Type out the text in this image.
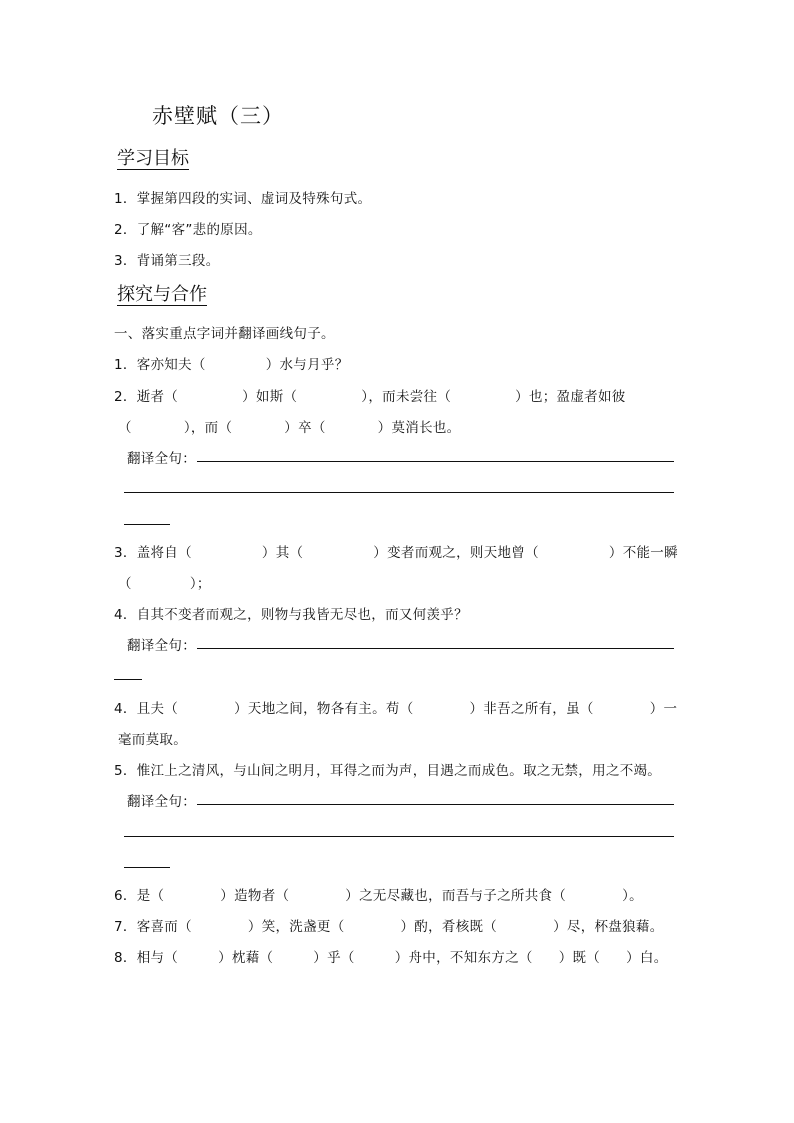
赤壁赋（三）
学习目标
1．掌握第四段的实词、虚词及特殊句式。
2．了解“客”悲的原因。
3．背诵第三段。
探究与合作
一、落实重点字词并翻译画线句子。
1．客亦知夫（	）水与月乎？
2．逝者（	）如斯（	），而未尝往（	）也；盈虚者如彼
（	），而（	）卒（	）莫消长也。
翻译全句：
3．盖将自（	）其（	）变者而观之，则天地曾（	）不能一瞬
（	）；
4．自其不变者而观之，则物与我皆无尽也，而又何羡乎？
翻译全句：
4．且夫（	）天地之间，物各有主。苟（	）非吾之所有，虽（	）一
毫而莫取。
5．惟江上之清风，与山间之明月，耳得之而为声，目遇之而成色。取之无禁，用之不竭。
翻译全句：
6．是（	）造物者（	）之无尽藏也，而吾与子之所共食（	）。
7．客喜而（	）笑，洗盏更（	）酌，肴核既（	）尽，杯盘狼藉。
8．相与（	）枕藉（	）乎（	）舟中，不知东方之（ ）既（ ）白。
